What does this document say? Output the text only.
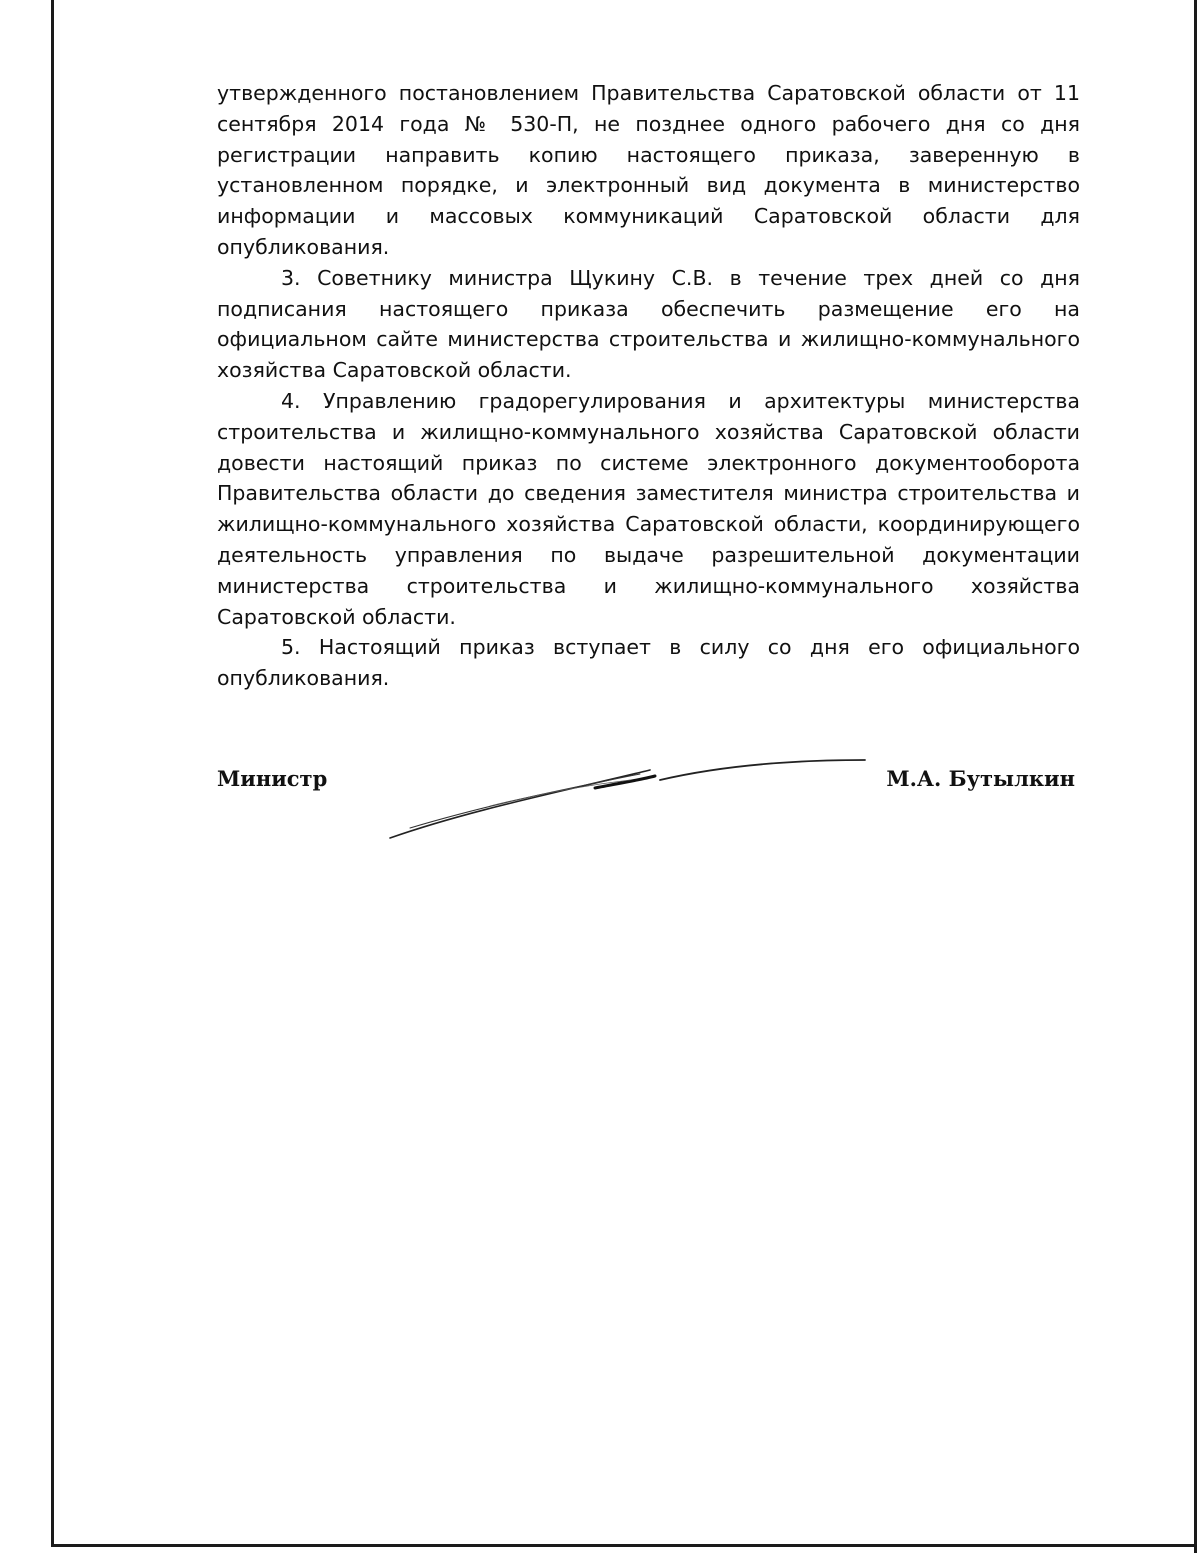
утвержденного постановлением Правительства Саратовской области от 11 сентября 2014 года № 530-П, не позднее одного рабочего дня со дня регистрации направить копию настоящего приказа, заверенную в установленном порядке, и электронный вид документа в министерство информации и массовых коммуникаций Саратовской области для опубликования.

3. Советнику министра Щукину С.В. в течение трех дней со дня подписания настоящего приказа обеспечить размещение его на официальном сайте министерства строительства и жилищно-коммунального хозяйства Саратовской области.

4. Управлению градорегулирования и архитектуры министерства строительства и жилищно-коммунального хозяйства Саратовской области довести настоящий приказ по системе электронного документооборота Правительства области до сведения заместителя министра строительства и жилищно-коммунального хозяйства Саратовской области, координирующего деятельность управления по выдаче разрешительной документации министерства строительства и жилищно-коммунального хозяйства Саратовской области.

5. Настоящий приказ вступает в силу со дня его официального опубликования.

Министр	М.А. Бутылкин
